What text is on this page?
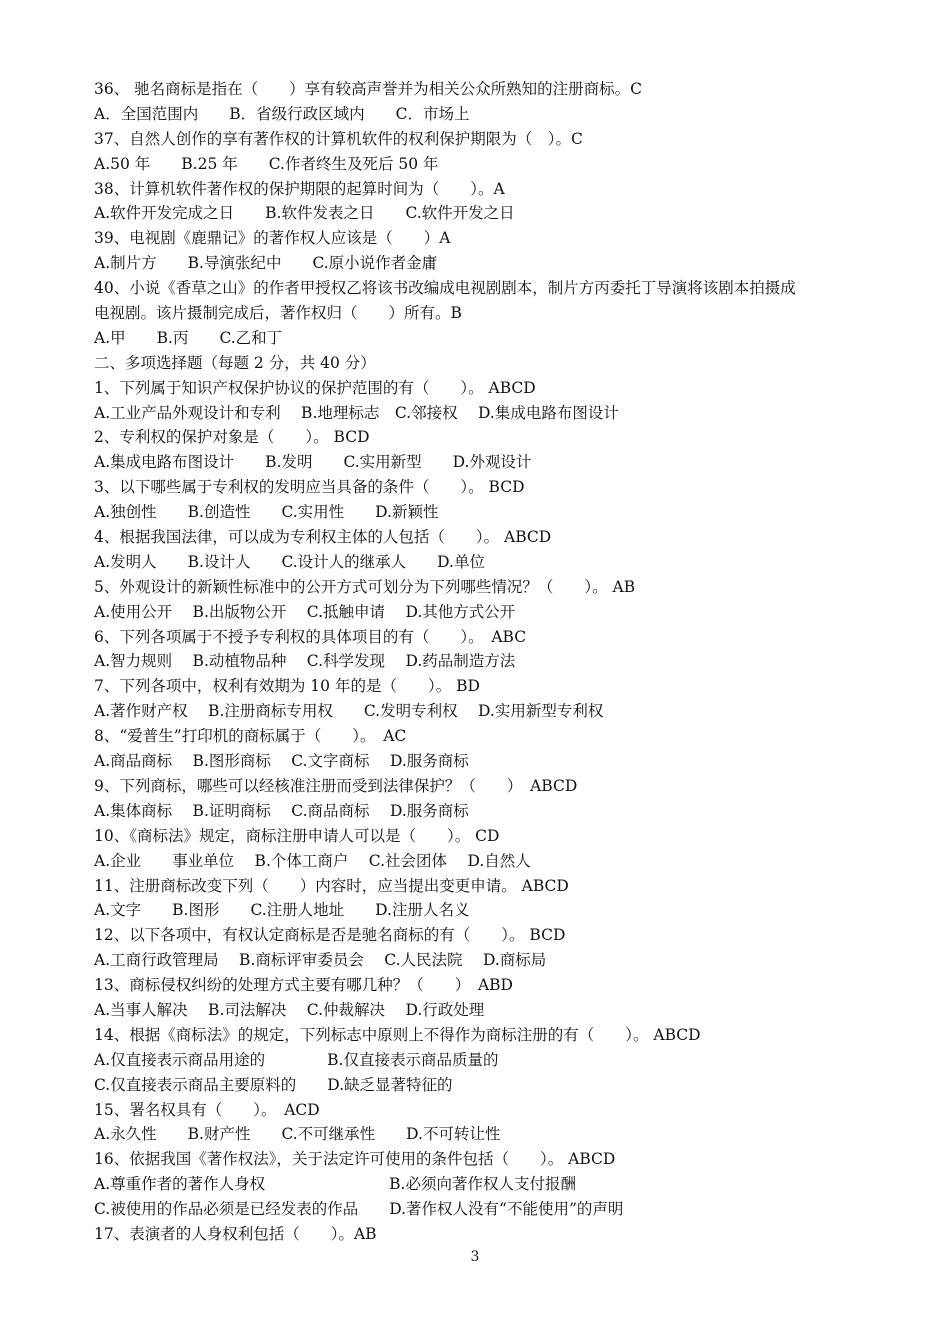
36、 驰名商标是指在（　　）享有较高声誉并为相关公众所熟知的注册商标。C
A．全国范围内　　B．省级行政区域内　　C．市场上
37、自然人创作的享有著作权的计算机软件的权利保护期限为（　）。C
A.50 年　　B.25 年　　C.作者终生及死后 50 年
38、计算机软件著作权的保护期限的起算时间为（　　）。A
A.软件开发完成之日　　B.软件发表之日　　C.软件开发之日
39、电视剧《鹿鼎记》的著作权人应该是（　　）A
A.制片方　　B.导演张纪中　　C.原小说作者金庸
40、小说《香草之山》的作者甲授权乙将该书改编成电视剧剧本，制片方丙委托丁导演将该剧本拍摄成
电视剧。该片摄制完成后，著作权归（　　）所有。B
A.甲　　B.丙　　C.乙和丁
二、多项选择题（每题 2 分，共 40 分）
1、下列属于知识产权保护协议的保护范围的有（　　）。 ABCD
A.工业产品外观设计和专利　 B.地理标志　C.邻接权　 D.集成电路布图设计
2、专利权的保护对象是（　　）。 BCD
A.集成电路布图设计　　B.发明　　C.实用新型　　D.外观设计
3、以下哪些属于专利权的发明应当具备的条件（　　）。 BCD
A.独创性　　B.创造性　　C.实用性　　D.新颖性
4、根据我国法律，可以成为专利权主体的人包括（　　）。 ABCD
A.发明人　　B.设计人　　C.设计人的继承人　　D.单位
5、外观设计的新颖性标准中的公开方式可划分为下列哪些情况？（　　）。 AB
A.使用公开　 B.出版物公开　 C.抵触申请　 D.其他方式公开
6、下列各项属于不授予专利权的具体项目的有（　　）。　ABC
A.智力规则　 B.动植物品种　 C.科学发现　 D.药品制造方法
7、下列各项中，权利有效期为 10 年的是（　　）。 BD
A.著作财产权　 B.注册商标专用权　　C.发明专利权　 D.实用新型专利权
8、“爱普生”打印机的商标属于（　　）。　AC
A.商品商标　 B.图形商标　 C.文字商标　 D.服务商标
9、下列商标，哪些可以经核准注册而受到法律保护？（　　）　ABCD
A.集体商标　 B.证明商标　 C.商品商标　 D.服务商标
10、《商标法》规定，商标注册申请人可以是（　　）。 CD
A.企业　　事业单位　 B.个体工商户　 C.社会团体　 D.自然人
11、注册商标改变下列（　　）内容时，应当提出变更申请。 ABCD
A.文字　　B.图形　　C.注册人地址　　D.注册人名义
12、以下各项中，有权认定商标是否是驰名商标的有（　　）。 BCD
A.工商行政管理局　 B.商标评审委员会　 C.人民法院　 D.商标局
13、商标侵权纠纷的处理方式主要有哪几种？（　　）　ABD
A.当事人解决　 B.司法解决　 C.仲裁解决　 D.行政处理
14、根据《商标法》的规定，下列标志中原则上不得作为商标注册的有（　　）。 ABCD
A.仅直接表示商品用途的　　　　B.仅直接表示商品质量的
C.仅直接表示商品主要原料的　　D.缺乏显著特征的
15、署名权具有（　　）。　ACD
A.永久性　　B.财产性　　C.不可继承性　　D.不可转让性
16、依据我国《著作权法》，关于法定许可使用的条件包括（　　）。 ABCD
A.尊重作者的著作人身权　　　　　　　　B.必须向著作权人支付报酬
C.被使用的作品必须是已经发表的作品　　D.著作权人没有“不能使用”的声明
17、表演者的人身权利包括（　　）。AB
3
